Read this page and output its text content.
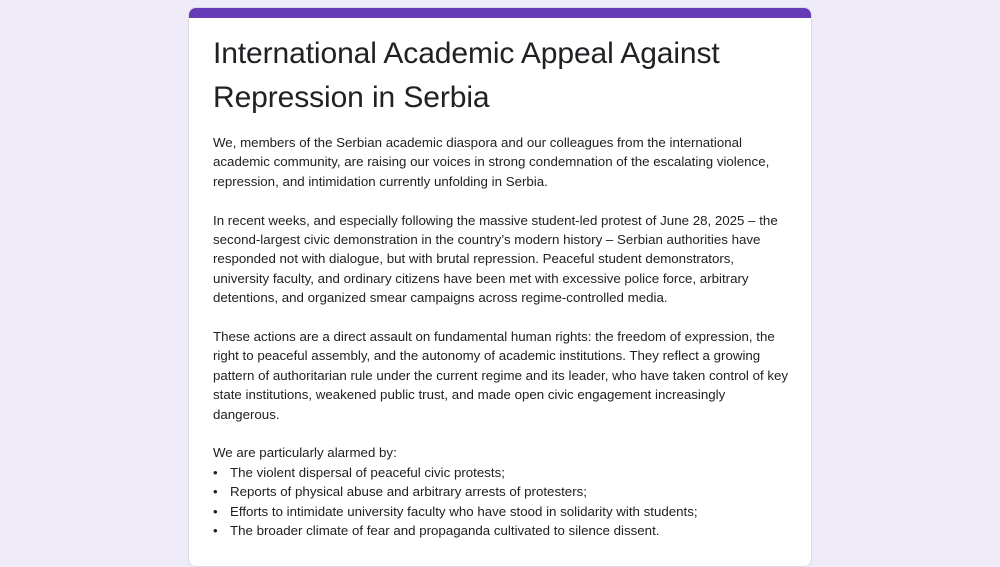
International Academic Appeal Against Repression in Serbia

We, members of the Serbian academic diaspora and our colleagues from the international academic community, are raising our voices in strong condemnation of the escalating violence, repression, and intimidation currently unfolding in Serbia.

In recent weeks, and especially following the massive student-led protest of June 28, 2025 – the second-largest civic demonstration in the country’s modern history – Serbian authorities have responded not with dialogue, but with brutal repression. Peaceful student demonstrators, university faculty, and ordinary citizens have been met with excessive police force, arbitrary detentions, and organized smear campaigns across regime-controlled media.

These actions are a direct assault on fundamental human rights: the freedom of expression, the right to peaceful assembly, and the autonomy of academic institutions. They reflect a growing pattern of authoritarian rule under the current regime and its leader, who have taken control of key state institutions, weakened public trust, and made open civic engagement increasingly dangerous.

We are particularly alarmed by:

• The violent dispersal of peaceful civic protests;
• Reports of physical abuse and arbitrary arrests of protesters;
• Efforts to intimidate university faculty who have stood in solidarity with students;
• The broader climate of fear and propaganda cultivated to silence dissent.
